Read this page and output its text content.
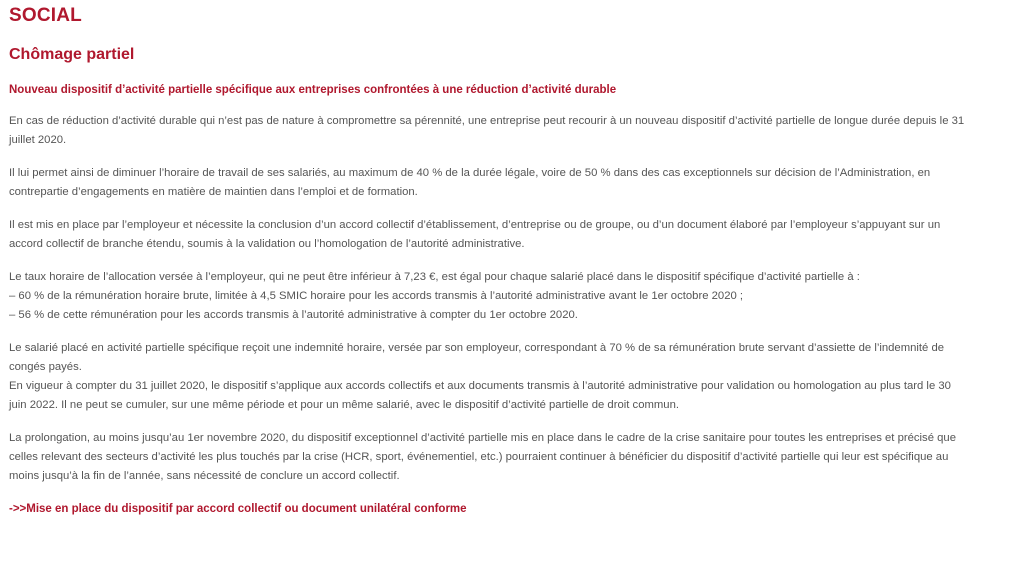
SOCIAL
Chômage partiel

Nouveau dispositif d’activité partielle spécifique aux entreprises confrontées à une réduction d’activité durable

En cas de réduction d’activité durable qui n’est pas de nature à compromettre sa pérennité, une entreprise peut recourir à un nouveau dispositif d’activité partielle de longue durée depuis le 31
juillet 2020.

Il lui permet ainsi de diminuer l’horaire de travail de ses salariés, au maximum de 40 % de la durée légale, voire de 50 % dans des cas exceptionnels sur décision de l’Administration, en
contrepartie d’engagements en matière de maintien dans l’emploi et de formation.

Il est mis en place par l’employeur et nécessite la conclusion d’un accord collectif d’établissement, d’entreprise ou de groupe, ou d’un document élaboré par l’employeur s’appuyant sur un
accord collectif de branche étendu, soumis à la validation ou l’homologation de l’autorité administrative.

Le taux horaire de l’allocation versée à l’employeur, qui ne peut être inférieur à 7,23 €, est égal pour chaque salarié placé dans le dispositif spécifique d’activité partielle à :
– 60 % de la rémunération horaire brute, limitée à 4,5 SMIC horaire pour les accords transmis à l’autorité administrative avant le 1er octobre 2020 ;
– 56 % de cette rémunération pour les accords transmis à l’autorité administrative à compter du 1er octobre 2020.

Le salarié placé en activité partielle spécifique reçoit une indemnité horaire, versée par son employeur, correspondant à 70 % de sa rémunération brute servant d’assiette de l’indemnité de
congés payés.
En vigueur à compter du 31 juillet 2020, le dispositif s’applique aux accords collectifs et aux documents transmis à l’autorité administrative pour validation ou homologation au plus tard le 30
juin 2022. Il ne peut se cumuler, sur une même période et pour un même salarié, avec le dispositif d’activité partielle de droit commun.

La prolongation, au moins jusqu’au 1er novembre 2020, du dispositif exceptionnel d’activité partielle mis en place dans le cadre de la crise sanitaire pour toutes les entreprises et précisé que
celles relevant des secteurs d’activité les plus touchés par la crise (HCR, sport, événementiel, etc.) pourraient continuer à bénéficier du dispositif d’activité partielle qui leur est spécifique au
moins jusqu’à la fin de l’année, sans nécessité de conclure un accord collectif.

->>Mise en place du dispositif par accord collectif ou document unilatéral conforme
